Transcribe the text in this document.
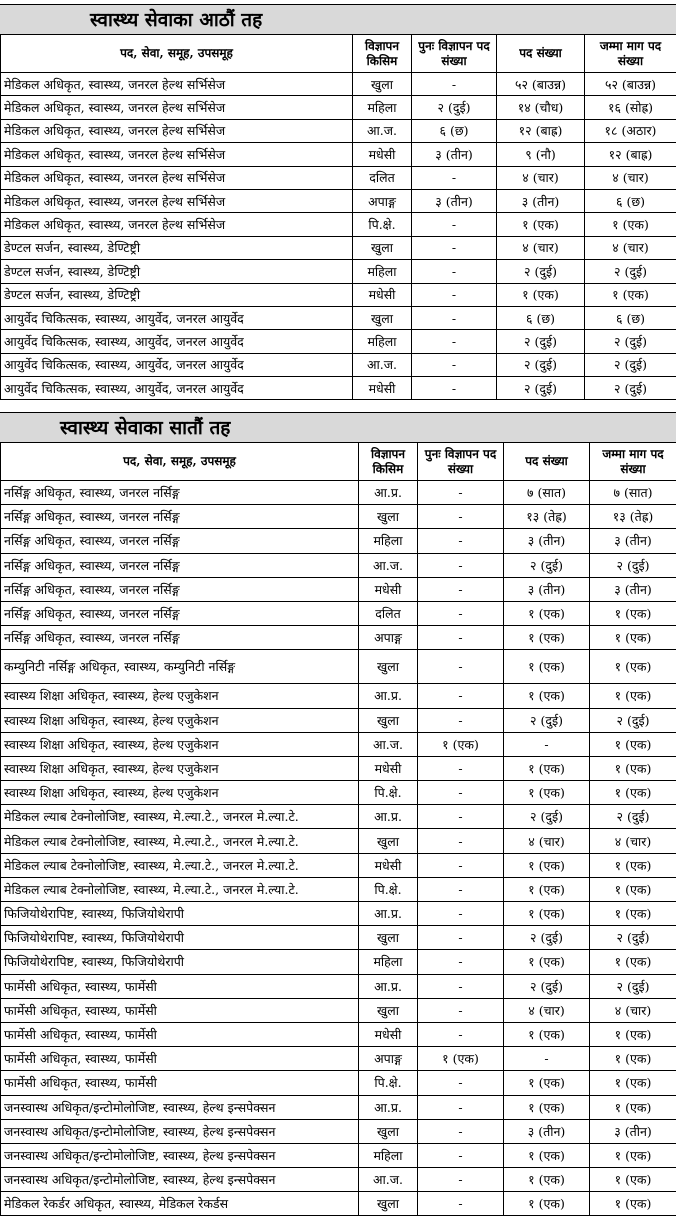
स्वास्थ्य सेवाका आठौं तह
पद, सेवा, समूह, उपसमूह	विज्ञापन किसिम	पुनः विज्ञापन पद संख्या	पद संख्या	जम्मा माग पद संख्या
मेडिकल अधिकृत, स्वास्थ्य, जनरल हेल्थ सर्भिसेज	खुला	-	५२ (बाउन्न)	५२ (बाउन्न)
मेडिकल अधिकृत, स्वास्थ्य, जनरल हेल्थ सर्भिसेज	महिला	२ (दुई)	१४ (चौध)	१६ (सोह्र)
मेडिकल अधिकृत, स्वास्थ्य, जनरल हेल्थ सर्भिसेज	आ.ज.	६ (छ)	१२ (बाह्र)	१८ (अठार)
मेडिकल अधिकृत, स्वास्थ्य, जनरल हेल्थ सर्भिसेज	मधेसी	३ (तीन)	९ (नौ)	१२ (बाह्र)
मेडिकल अधिकृत, स्वास्थ्य, जनरल हेल्थ सर्भिसेज	दलित	-	४ (चार)	४ (चार)
मेडिकल अधिकृत, स्वास्थ्य, जनरल हेल्थ सर्भिसेज	अपाङ्ग	३ (तीन)	३ (तीन)	६ (छ)
मेडिकल अधिकृत, स्वास्थ्य, जनरल हेल्थ सर्भिसेज	पि.क्षे.	-	१ (एक)	१ (एक)
डेण्टल सर्जन, स्वास्थ्य, डेण्टिष्ट्री	खुला	-	४ (चार)	४ (चार)
डेण्टल सर्जन, स्वास्थ्य, डेण्टिष्ट्री	महिला	-	२ (दुई)	२ (दुई)
डेण्टल सर्जन, स्वास्थ्य, डेण्टिष्ट्री	मधेसी	-	१ (एक)	१ (एक)
आयुर्वेद चिकित्सक, स्वास्थ्य, आयुर्वेद, जनरल आयुर्वेद	खुला	-	६ (छ)	६ (छ)
आयुर्वेद चिकित्सक, स्वास्थ्य, आयुर्वेद, जनरल आयुर्वेद	महिला	-	२ (दुई)	२ (दुई)
आयुर्वेद चिकित्सक, स्वास्थ्य, आयुर्वेद, जनरल आयुर्वेद	आ.ज.	-	२ (दुई)	२ (दुई)
आयुर्वेद चिकित्सक, स्वास्थ्य, आयुर्वेद, जनरल आयुर्वेद	मधेसी	-	२ (दुई)	२ (दुई)
स्वास्थ्य सेवाका सातौं तह
पद, सेवा, समूह, उपसमूह	विज्ञापन किसिम	पुनः विज्ञापन पद संख्या	पद संख्या	जम्मा माग पद संख्या
नर्सिङ्ग अधिकृत, स्वास्थ्य, जनरल नर्सिङ्ग	आ.प्र.	-	७ (सात)	७ (सात)
नर्सिङ्ग अधिकृत, स्वास्थ्य, जनरल नर्सिङ्ग	खुला	-	१३ (तेह्र)	१३ (तेह्र)
नर्सिङ्ग अधिकृत, स्वास्थ्य, जनरल नर्सिङ्ग	महिला	-	३ (तीन)	३ (तीन)
नर्सिङ्ग अधिकृत, स्वास्थ्य, जनरल नर्सिङ्ग	आ.ज.	-	२ (दुई)	२ (दुई)
नर्सिङ्ग अधिकृत, स्वास्थ्य, जनरल नर्सिङ्ग	मधेसी	-	३ (तीन)	३ (तीन)
नर्सिङ्ग अधिकृत, स्वास्थ्य, जनरल नर्सिङ्ग	दलित	-	१ (एक)	१ (एक)
नर्सिङ्ग अधिकृत, स्वास्थ्य, जनरल नर्सिङ्ग	अपाङ्ग	-	१ (एक)	१ (एक)
कम्युनिटी नर्सिङ्ग अधिकृत, स्वास्थ्य, कम्युनिटी नर्सिङ्ग	खुला	-	१ (एक)	१ (एक)
स्वास्थ्य शिक्षा अधिकृत, स्वास्थ्य, हेल्थ एजुकेशन	आ.प्र.	-	१ (एक)	१ (एक)
स्वास्थ्य शिक्षा अधिकृत, स्वास्थ्य, हेल्थ एजुकेशन	खुला	-	२ (दुई)	२ (दुई)
स्वास्थ्य शिक्षा अधिकृत, स्वास्थ्य, हेल्थ एजुकेशन	आ.ज.	१ (एक)	-	१ (एक)
स्वास्थ्य शिक्षा अधिकृत, स्वास्थ्य, हेल्थ एजुकेशन	मधेसी	-	१ (एक)	१ (एक)
स्वास्थ्य शिक्षा अधिकृत, स्वास्थ्य, हेल्थ एजुकेशन	पि.क्षे.	-	१ (एक)	१ (एक)
मेडिकल ल्याब टेक्नोलोजिष्ट, स्वास्थ्य, मे.ल्या.टे., जनरल मे.ल्या.टे.	आ.प्र.	-	२ (दुई)	२ (दुई)
मेडिकल ल्याब टेक्नोलोजिष्ट, स्वास्थ्य, मे.ल्या.टे., जनरल मे.ल्या.टे.	खुला	-	४ (चार)	४ (चार)
मेडिकल ल्याब टेक्नोलोजिष्ट, स्वास्थ्य, मे.ल्या.टे., जनरल मे.ल्या.टे.	मधेसी	-	१ (एक)	१ (एक)
मेडिकल ल्याब टेक्नोलोजिष्ट, स्वास्थ्य, मे.ल्या.टे., जनरल मे.ल्या.टे.	पि.क्षे.	-	१ (एक)	१ (एक)
फिजियोथेरापिष्ट, स्वास्थ्य, फिजियोथेरापी	आ.प्र.	-	१ (एक)	१ (एक)
फिजियोथेरापिष्ट, स्वास्थ्य, फिजियोथेरापी	खुला	-	२ (दुई)	२ (दुई)
फिजियोथेरापिष्ट, स्वास्थ्य, फिजियोथेरापी	महिला	-	१ (एक)	१ (एक)
फार्मेसी अधिकृत, स्वास्थ्य, फार्मेसी	आ.प्र.	-	२ (दुई)	२ (दुई)
फार्मेसी अधिकृत, स्वास्थ्य, फार्मेसी	खुला	-	४ (चार)	४ (चार)
फार्मेसी अधिकृत, स्वास्थ्य, फार्मेसी	मधेसी	-	१ (एक)	१ (एक)
फार्मेसी अधिकृत, स्वास्थ्य, फार्मेसी	अपाङ्ग	१ (एक)	-	१ (एक)
फार्मेसी अधिकृत, स्वास्थ्य, फार्मेसी	पि.क्षे.	-	१ (एक)	१ (एक)
जनस्वास्थ अधिकृत/इन्टोमोलोजिष्ट, स्वास्थ्य, हेल्थ इन्सपेक्सन	आ.प्र.	-	१ (एक)	१ (एक)
जनस्वास्थ अधिकृत/इन्टोमोलोजिष्ट, स्वास्थ्य, हेल्थ इन्सपेक्सन	खुला	-	३ (तीन)	३ (तीन)
जनस्वास्थ अधिकृत/इन्टोमोलोजिष्ट, स्वास्थ्य, हेल्थ इन्सपेक्सन	महिला	-	१ (एक)	१ (एक)
जनस्वास्थ अधिकृत/इन्टोमोलोजिष्ट, स्वास्थ्य, हेल्थ इन्सपेक्सन	आ.ज.	-	१ (एक)	१ (एक)
मेडिकल रेकर्डर अधिकृत, स्वास्थ्य, मेडिकल रेकर्डस	खुला	-	१ (एक)	१ (एक)
